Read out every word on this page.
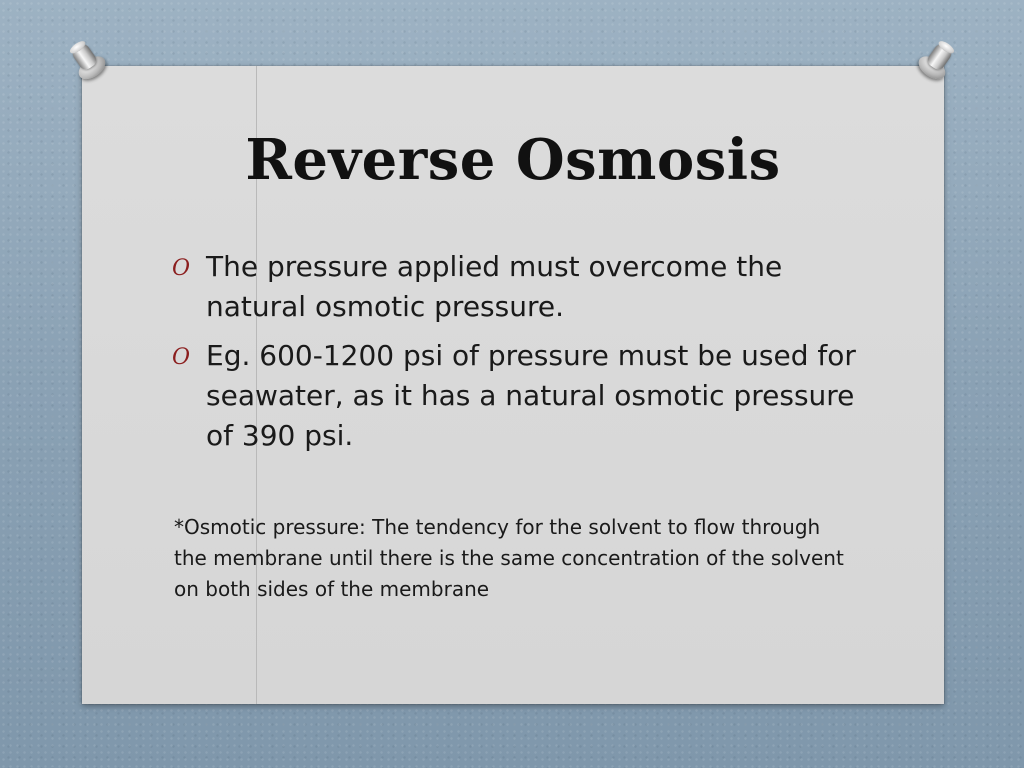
Reverse Osmosis
O The pressure applied must overcome the natural osmotic pressure.
O Eg. 600-1200 psi of pressure must be used for seawater, as it has a natural osmotic pressure of 390 psi.

*Osmotic pressure: The tendency for the solvent to flow through the membrane until there is the same concentration of the solvent on both sides of the membrane
